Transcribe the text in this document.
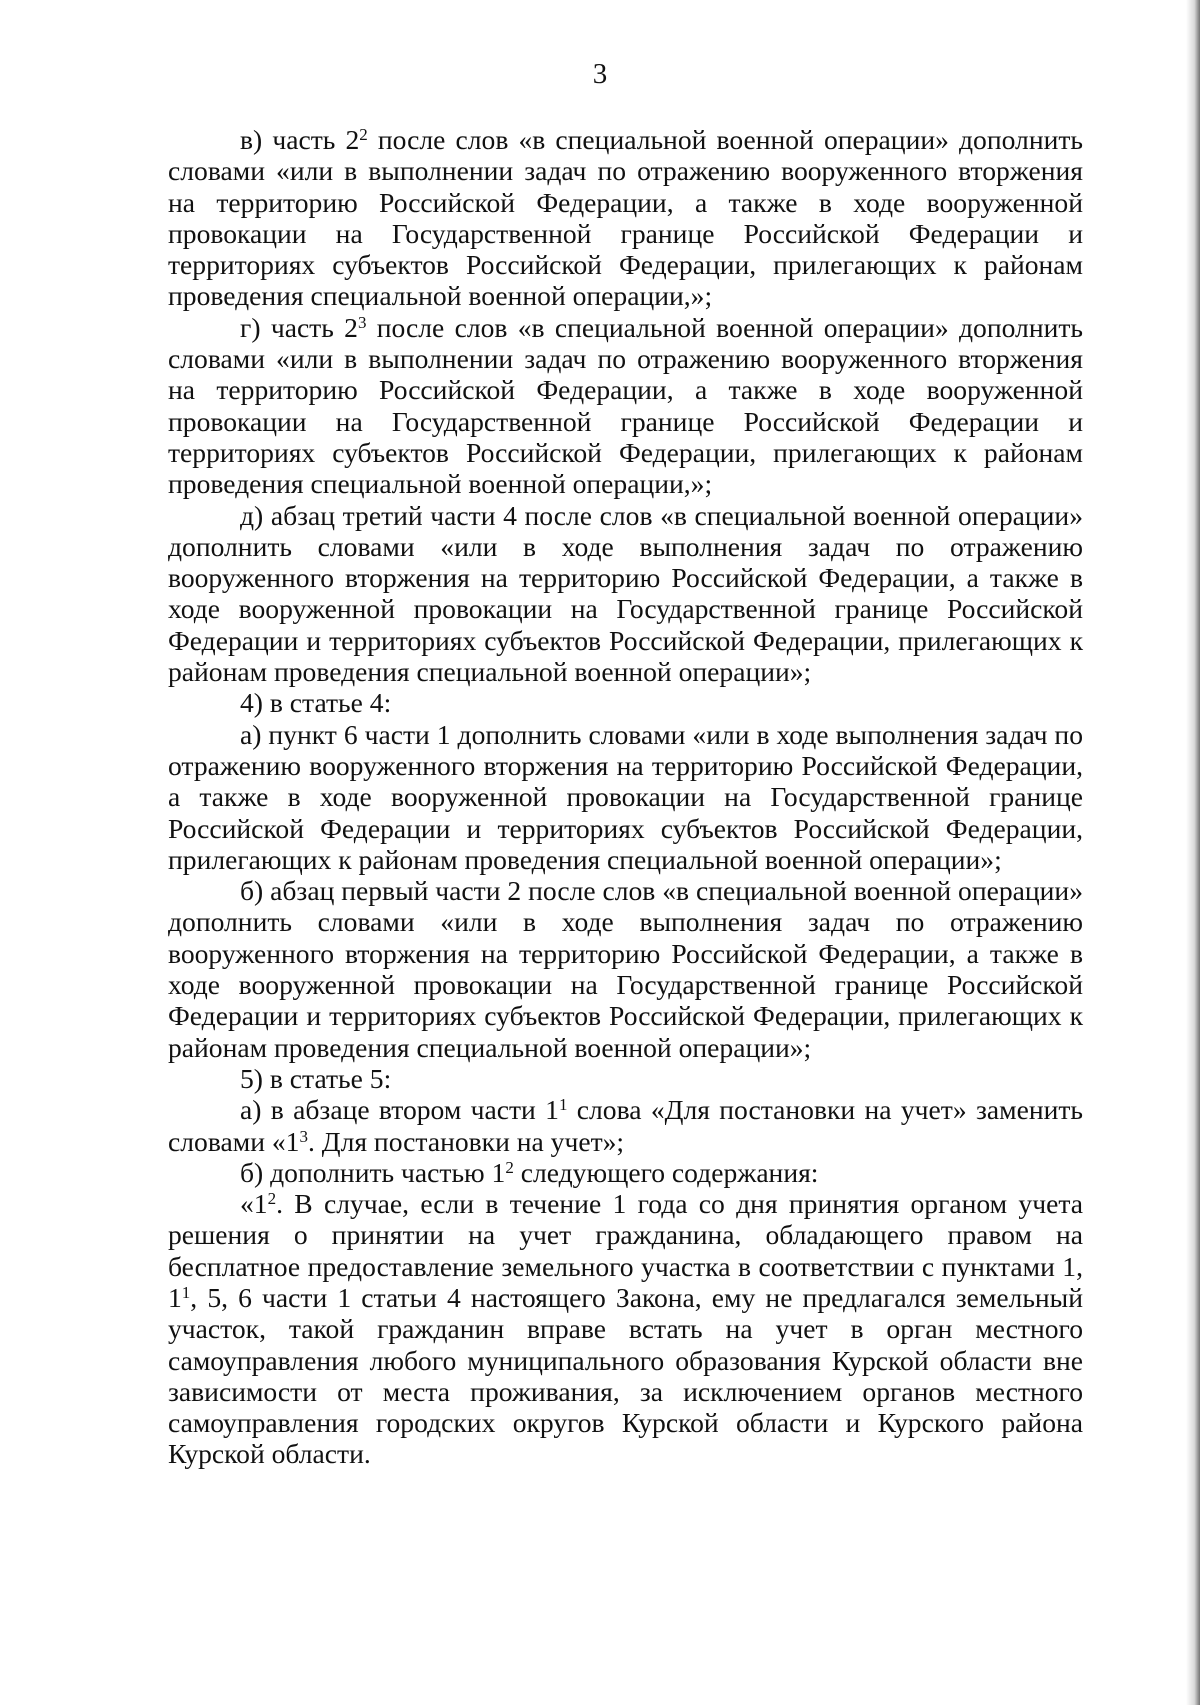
3

в) часть $2^2$ после слов «в специальной военной операции» дополнить словами «или в выполнении задач по отражению вооруженного вторжения на территорию Российской Федерации, а также в ходе вооруженной провокации на Государственной границе Российской Федерации и территориях субъектов Российской Федерации, прилегающих к районам проведения специальной военной операции,»;

г) часть $2^3$ после слов «в специальной военной операции» дополнить словами «или в выполнении задач по отражению вооруженного вторжения на территорию Российской Федерации, а также в ходе вооруженной провокации на Государственной границе Российской Федерации и территориях субъектов Российской Федерации, прилегающих к районам проведения специальной военной операции,»;

д) абзац третий части 4 после слов «в специальной военной операции» дополнить словами «или в ходе выполнения задач по отражению вооруженного вторжения на территорию Российской Федерации, а также в ходе вооруженной провокации на Государственной границе Российской Федерации и территориях субъектов Российской Федерации, прилегающих к районам проведения специальной военной операции»;

4) в статье 4:

а) пункт 6 части 1 дополнить словами «или в ходе выполнения задач по отражению вооруженного вторжения на территорию Российской Федерации, а также в ходе вооруженной провокации на Государственной границе Российской Федерации и территориях субъектов Российской Федерации, прилегающих к районам проведения специальной военной операции»;

б) абзац первый части 2 после слов «в специальной военной операции» дополнить словами «или в ходе выполнения задач по отражению вооруженного вторжения на территорию Российской Федерации, а также в ходе вооруженной провокации на Государственной границе Российской Федерации и территориях субъектов Российской Федерации, прилегающих к районам проведения специальной военной операции»;

5) в статье 5:

а) в абзаце втором части $1^1$ слова «Для постановки на учет» заменить словами «$1^3$. Для постановки на учет»;

б) дополнить частью $1^2$ следующего содержания:

«$1^2$. В случае, если в течение 1 года со дня принятия органом учета решения о принятии на учет гражданина, обладающего правом на бесплатное предоставление земельного участка в соответствии с пунктами 1, $1^1$, 5, 6 части 1 статьи 4 настоящего Закона, ему не предлагался земельный участок, такой гражданин вправе встать на учет в орган местного самоуправления любого муниципального образования Курской области вне зависимости от места проживания, за исключением органов местного самоуправления городских округов Курской области и Курского района Курской области.
